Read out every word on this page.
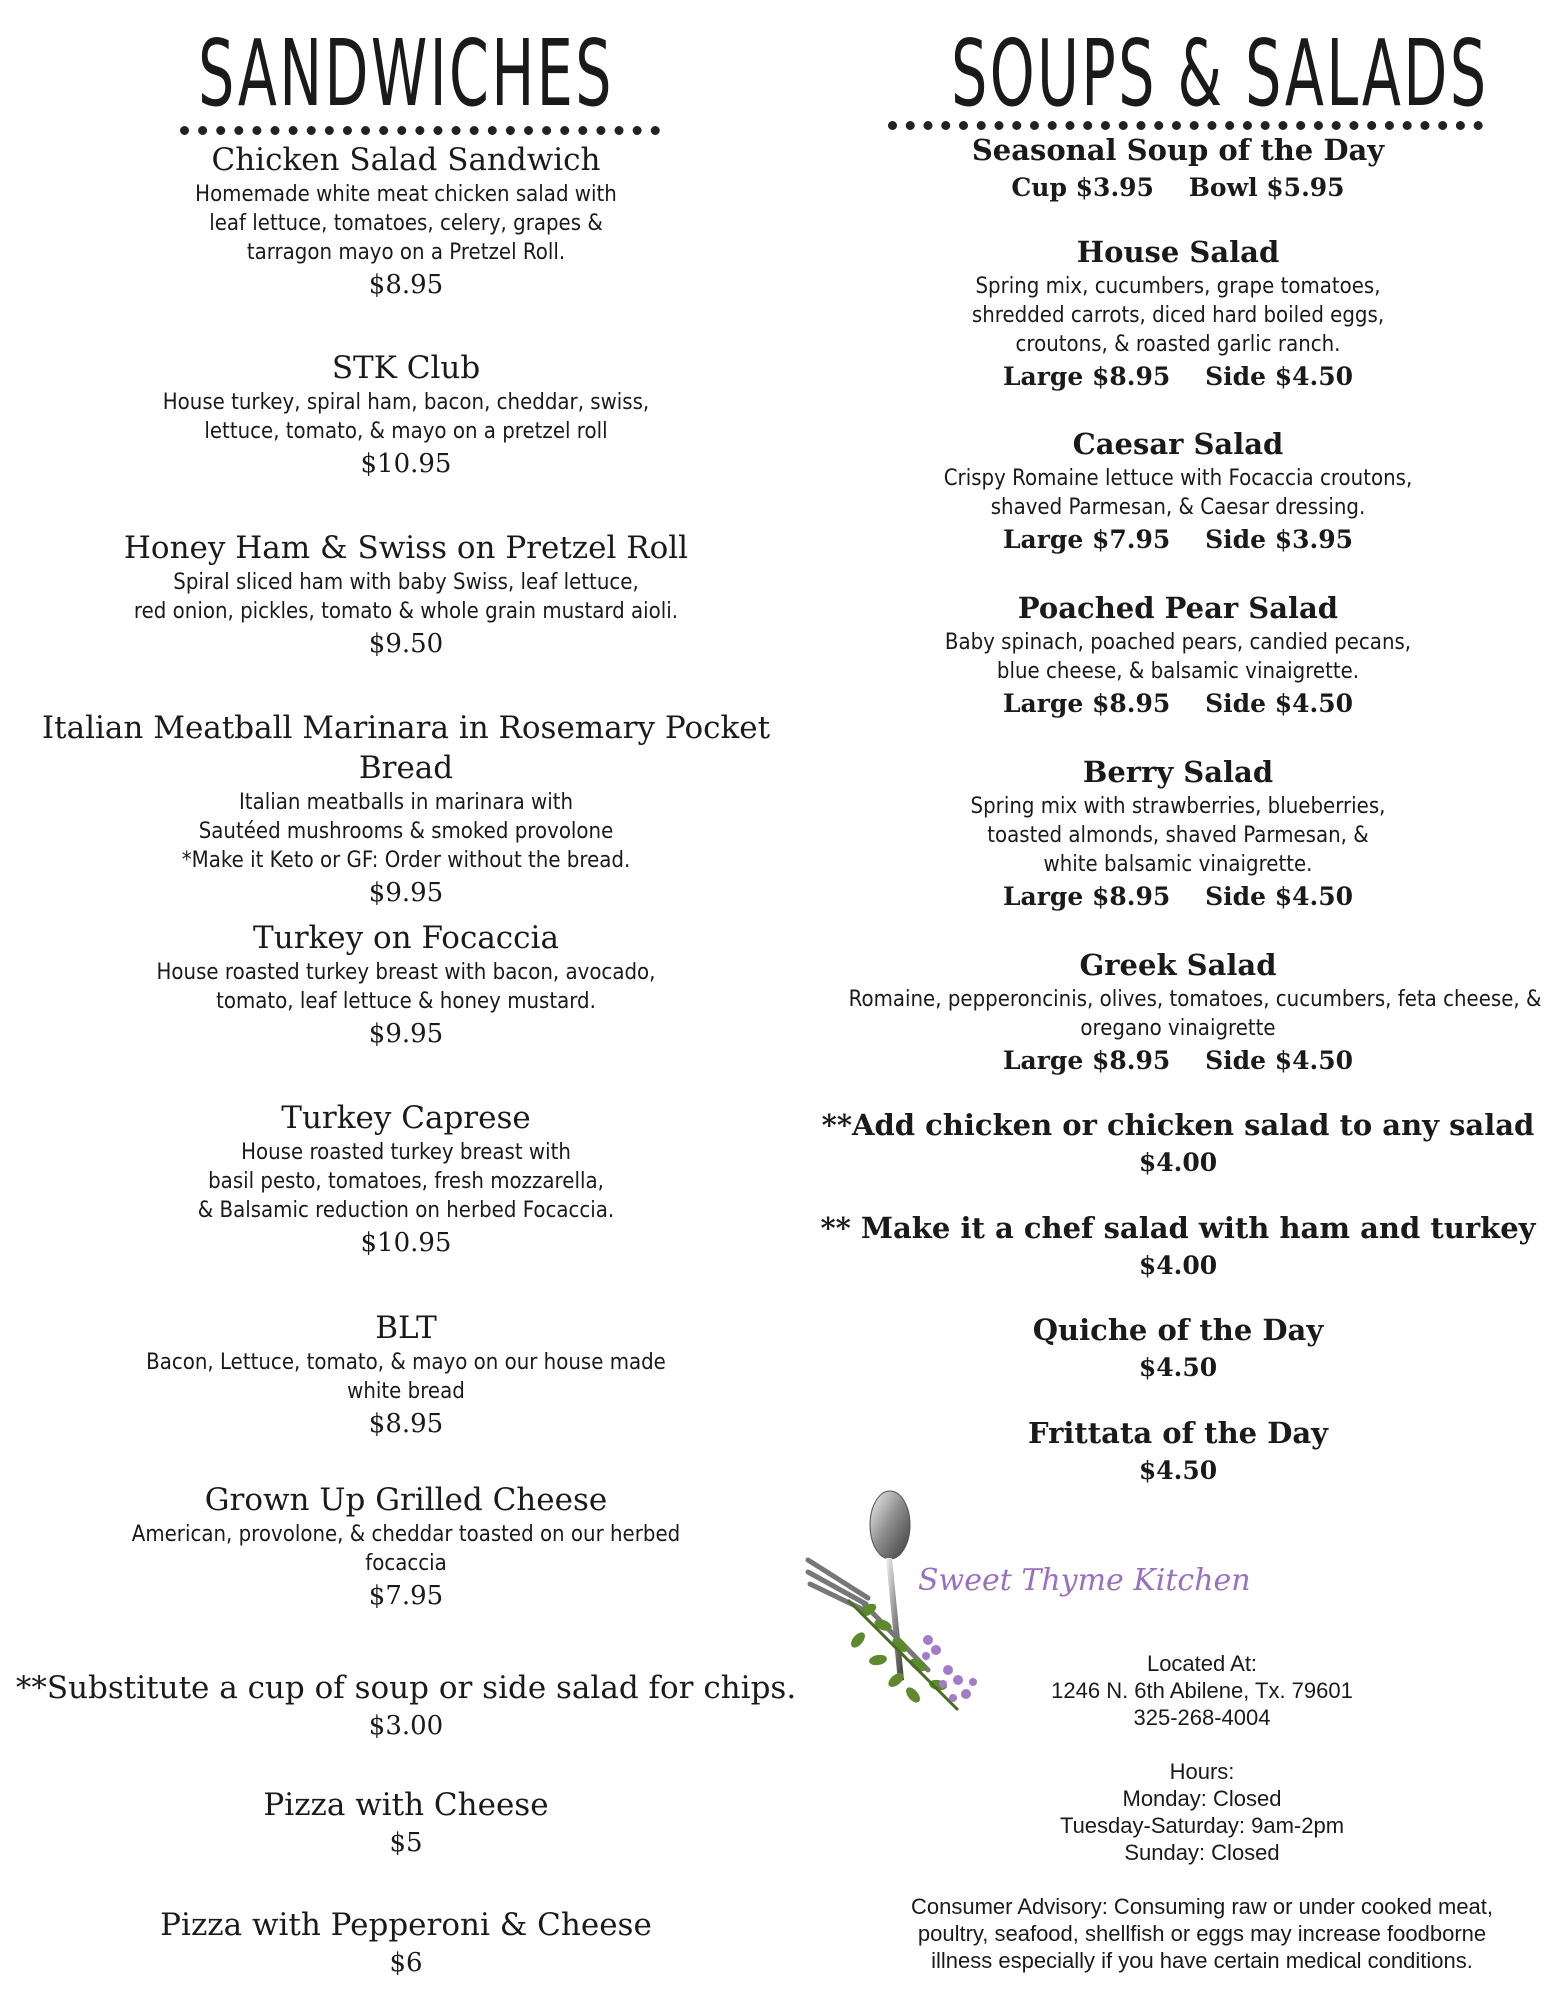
SANDWICHES
Chicken Salad Sandwich
Homemade white meat chicken salad with
leaf lettuce, tomatoes, celery, grapes &
tarragon mayo on a Pretzel Roll.
$8.95
STK Club
House turkey, spiral ham, bacon, cheddar, swiss,
lettuce, tomato, & mayo on a pretzel roll
$10.95
Honey Ham & Swiss on Pretzel Roll
Spiral sliced ham with baby Swiss, leaf lettuce,
red onion, pickles, tomato & whole grain mustard aioli.
$9.50
Italian Meatball Marinara in Rosemary Pocket Bread
Italian meatballs in marinara with
Sautéed mushrooms & smoked provolone
*Make it Keto or GF: Order without the bread.
$9.95
Turkey on Focaccia
House roasted turkey breast with bacon, avocado,
tomato, leaf lettuce & honey mustard.
$9.95
Turkey Caprese
House roasted turkey breast with
basil pesto, tomatoes, fresh mozzarella,
& Balsamic reduction on herbed Focaccia.
$10.95
BLT
Bacon, Lettuce, tomato, & mayo on our house made
white bread
$8.95
Grown Up Grilled Cheese
American, provolone, & cheddar toasted on our herbed
focaccia
$7.95
**Substitute a cup of soup or side salad for chips.
$3.00
Pizza with Cheese
$5
Pizza with Pepperoni & Cheese
$6
SOUPS & SALADS
Seasonal Soup of the Day
Cup $3.95    Bowl $5.95
House Salad
Spring mix, cucumbers, grape tomatoes,
shredded carrots, diced hard boiled eggs,
croutons, & roasted garlic ranch.
Large $8.95    Side $4.50
Caesar Salad
Crispy Romaine lettuce with Focaccia croutons,
shaved Parmesan, & Caesar dressing.
Large $7.95    Side $3.95
Poached Pear Salad
Baby spinach, poached pears, candied pecans,
blue cheese, & balsamic vinaigrette.
Large $8.95    Side $4.50
Berry Salad
Spring mix with strawberries, blueberries,
toasted almonds, shaved Parmesan, &
white balsamic vinaigrette.
Large $8.95    Side $4.50
Greek Salad
Romaine, pepperoncinis, olives, tomatoes, cucumbers, feta cheese, &
oregano vinaigrette
Large $8.95    Side $4.50
**Add chicken or chicken salad to any salad
$4.00
** Make it a chef salad with ham and turkey
$4.00
Quiche of the Day
$4.50
Frittata of the Day
$4.50
Sweet Thyme Kitchen
Located At:
1246 N. 6th Abilene, Tx. 79601
325-268-4004
Hours:
Monday: Closed
Tuesday-Saturday: 9am-2pm
Sunday: Closed
Consumer Advisory: Consuming raw or under cooked meat,
poultry, seafood, shellfish or eggs may increase foodborne
illness especially if you have certain medical conditions.
